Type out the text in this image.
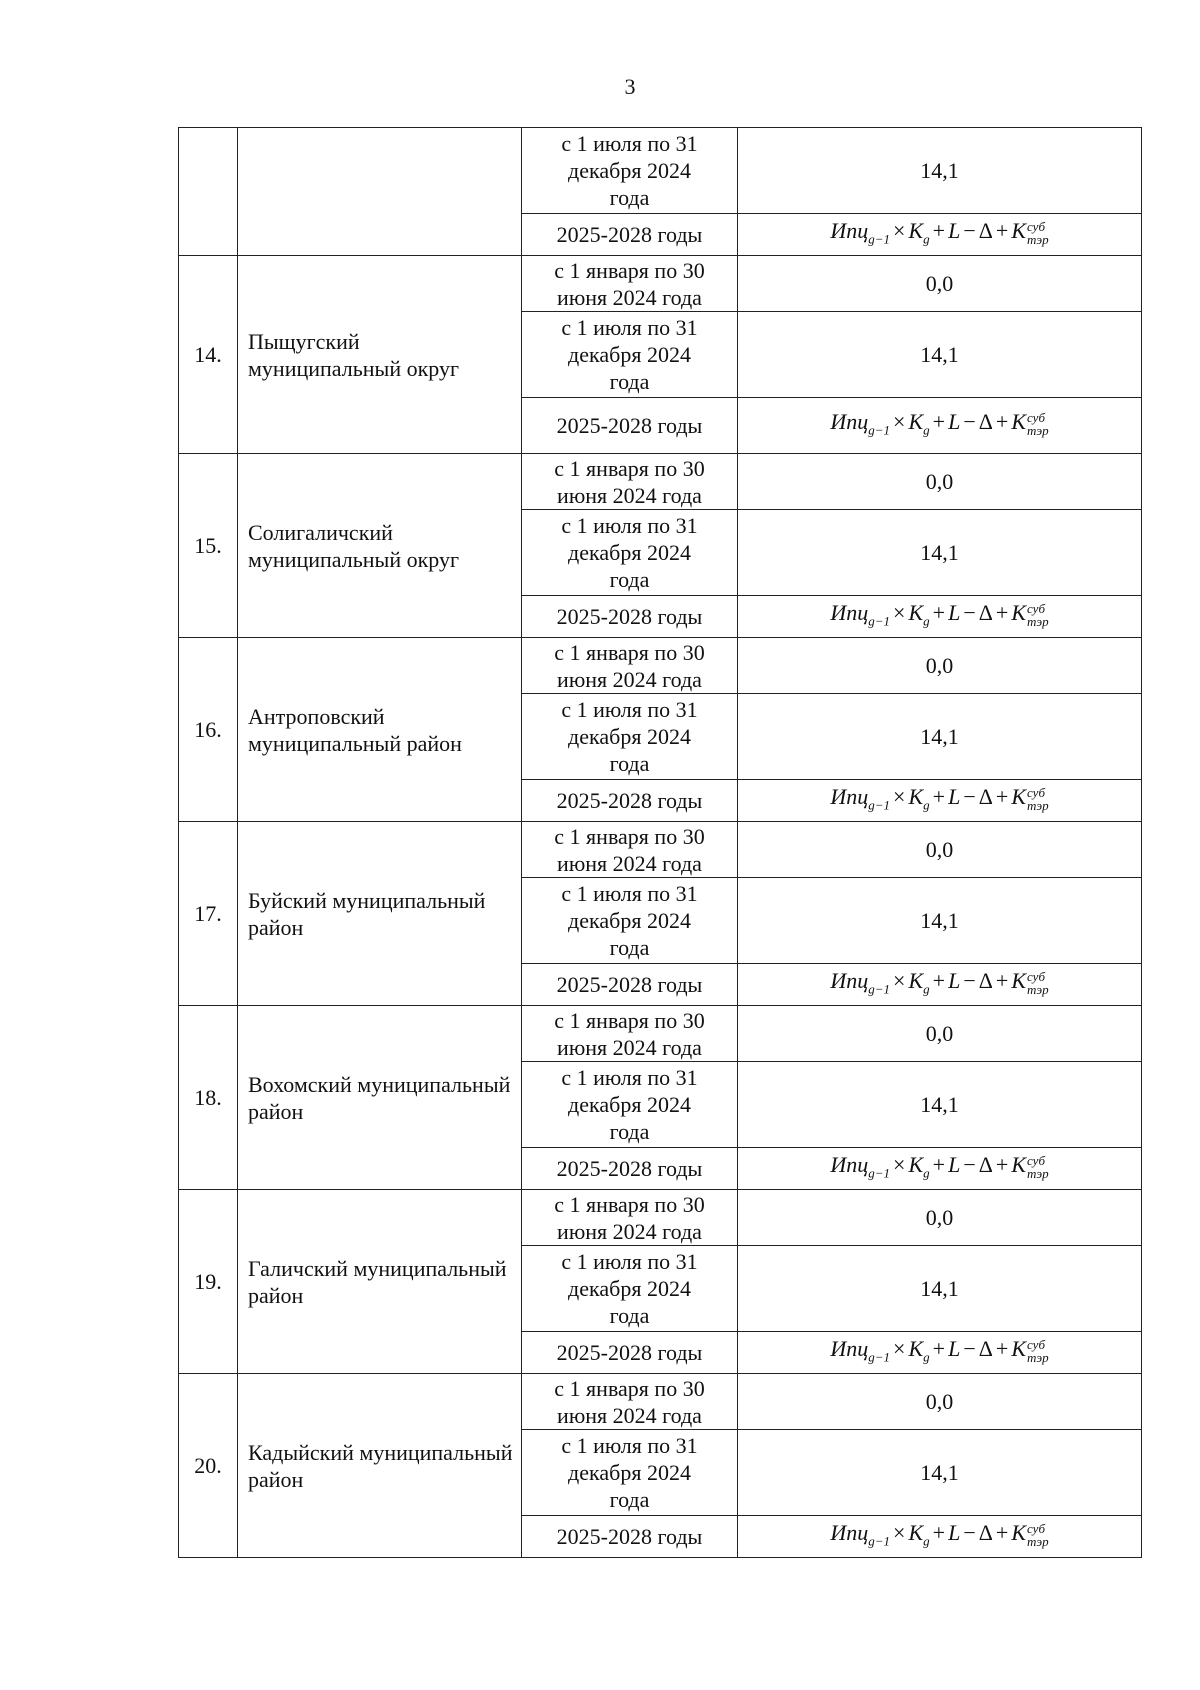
3

		с 1 июля по 31 декабря 2024 года	14,1
		2025-2028 годы	$Ипц_{g-1} \times K_g + L - \Delta + K$ суб
тэр

14.	Пыщугский муниципальный округ	с 1 января по 30 июня 2024 года	0,0

		с 1 июля по 31 декабря 2024 года	14,1
		2025-2028 годы	$Ипц_{g-1} \times K_g + L - \Delta + K$ суб
тэр

15.	Солигаличский муниципальный округ	с 1 января по 30 июня 2024 года	0,0

		с 1 июля по 31 декабря 2024 года	14,1
		2025-2028 годы	$Ипц_{g-1} \times K_g + L - \Delta + K$ суб
тэр

16.	Антроповский муниципальный район	с 1 января по 30 июня 2024 года	0,0

		с 1 июля по 31 декабря 2024 года	14,1
		2025-2028 годы	$Ипц_{g-1} \times K_g + L - \Delta + K$ суб
тэр

17.	Буйский муниципальный район	с 1 января по 30 июня 2024 года	0,0

		с 1 июля по 31 декабря 2024 года	14,1
		2025-2028 годы	$Ипц_{g-1} \times K_g + L - \Delta + K$ суб
тэр

18.	Вохомский муниципальный район	с 1 января по 30 июня 2024 года	0,0

		с 1 июля по 31 декабря 2024 года	14,1
		2025-2028 годы	$Ипц_{g-1} \times K_g + L - \Delta + K$ суб
тэр

19.	Галичский муниципальный район	с 1 января по 30 июня 2024 года	0,0

		с 1 июля по 31 декабря 2024 года	14,1
		2025-2028 годы	$Ипц_{g-1} \times K_g + L - \Delta + K$ суб
тэр

20.	Кадыйский муниципальный район	с 1 января по 30 июня 2024 года	0,0

		с 1 июля по 31 декабря 2024 года	14,1
		2025-2028 годы	$Ипц_{g-1} \times K_g + L - \Delta + K$ суб
тэр
